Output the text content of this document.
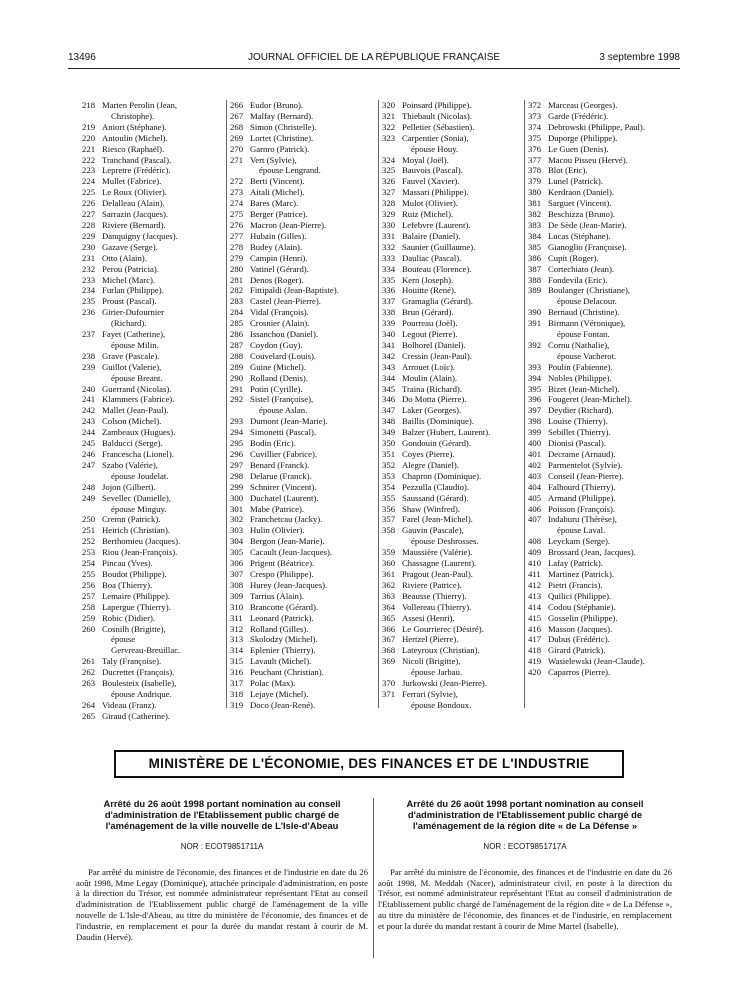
13496	JOURNAL OFFICIEL DE LA RÉPUBLIQUE FRANÇAISE	3 septembre 1998
218 Marten Perolin (Jean,
Christophe).
219 Aniort (Stéphane).
220 Antoulin (Michel).
221 Riesco (Raphaël).
222 Tranchand (Pascal).
223 Lepretre (Frédéric).
224 Mullet (Fabrice).
225 Le Roux (Olivier).
226 Delalleau (Alain).
227 Sarrazin (Jacques).
228 Riviere (Bernard).
229 Danquigny (Jacques).
230 Gazave (Serge).
231 Otto (Alain).
232 Perou (Patricia).
233 Michel (Marc).
234 Furlan (Philippe).
235 Proust (Pascal).
236 Girier-Dufournier
(Richard).
237 Fayet (Catherine),
épouse Milin.
238 Grave (Pascale).
239 Guillot (Valerie),
épouse Breant.
240 Guerrand (Nicolas).
241 Klammers (Fabrice).
242 Mallet (Jean-Paul).
243 Colson (Michel).
244 Zambeaux (Hugues).
245 Balducci (Serge).
246 Francescha (Lionel).
247 Szabo (Valérie),
épouse Joudelat.
248 Jojon (Gilbert).
249 Sevellec (Danielle),
épouse Minguy.
250 Cremn (Patrick).
251 Heirich (Christian).
252 Berthomieu (Jacques).
253 Riou (Jean-François).
254 Pincau (Yves).
255 Boudot (Philippe).
256 Boa (Thierry).
257 Lemaire (Philippe).
258 Lapergue (Thierry).
259 Robic (Didier).
260 Cosnilh (Brigitte),
épouse
Gervreau-Breuillac.
261 Taly (Françoise).
262 Ducrettet (François).
263 Boulesteix (Isabelle),
épouse Andrique.
264 Videau (Franz).
265 Giraud (Catherine).
266 Eudor (Bruno).
267 Malfay (Bernard).
268 Simon (Christelle).
269 Lortet (Christine).
270 Garnro (Patrick).
271 Vert (Sylvie),
épouse Lengrand.
272 Berti (Vincent).
273 Aitali (Michel).
274 Bares (Marc).
275 Berger (Patrice).
276 Macron (Jean-Pierre).
277 Hubain (Gilles).
278 Budey (Alain).
279 Campin (Henri).
280 Vatinel (Gérard).
281 Denos (Roger).
282 Fittipaldi (Jean-Baptiste).
283 Castel (Jean-Pierre).
284 Vidal (François).
285 Crosnier (Alain).
286 Issanchou (Daniel).
287 Coydon (Guy).
288 Couvelard (Louis).
289 Guine (Michel).
290 Rolland (Denis).
291 Potin (Cyrille).
292 Sistel (Françoise),
épouse Aslan.
293 Dumont (Jean-Marie).
294 Simonetti (Pascal).
295 Bodin (Eric).
296 Cuvillier (Fabrice).
297 Benard (Franck).
298 Delarue (Franck).
299 Schnirer (Vincent).
300 Duchatel (Laurent).
301 Mabe (Patrice).
302 Franchetcau (Jacky).
303 Hulin (Olivier).
304 Bergon (Jean-Marie).
305 Cacault (Jean-Jacques).
306 Prigent (Béatrice).
307 Crespo (Philippe).
308 Hurey (Jean-Jacques).
309 Tarrius (Alain).
310 Brancotte (Gérard).
311 Leonard (Patrick).
312 Rolland (Gilles).
313 Skolodzy (Michel).
314 Eplenier (Thierry).
315 Lavault (Michel).
316 Peuchant (Christian).
317 Polac (Max).
318 Lejaye (Michel).
319 Doco (Jean-René).
320 Poinsard (Philippe).
321 Thiebault (Nicolas).
322 Pelletier (Sébastien).
323 Carpentier (Sonia),
épouse Houy.
324 Moyal (Joël).
325 Bauvois (Pascal).
326 Fauvel (Xavier).
327 Massari (Philippe).
328 Mulot (Olivier).
329 Ruiz (Michel).
330 Lefebvre (Laurent).
331 Balaire (Daniel).
332 Saunier (Guillaume).
333 Dauliac (Pascal).
334 Bouteau (Florence).
335 Kern (Joseph).
336 Houitte (René).
337 Gramaglia (Gérard).
338 Brun (Gérard).
339 Pourreau (Joël).
340 Legout (Pierre).
341 Bolhorel (Daniel).
342 Cressin (Jean-Paul).
343 Arrouet (Loïc).
344 Moulin (Alain).
345 Traina (Richard).
346 Do Motta (Pierre).
347 Laker (Georges).
348 Baillis (Dominique).
349 Balzer (Hubert, Laurent).
350 Gondouin (Gérard).
351 Coyes (Pierre).
352 Alegre (Daniel).
353 Chapron (Dominique).
354 Pezzulla (Claudio).
355 Saussand (Gérard).
356 Shaw (Winfred).
357 Farel (Jean-Michel).
358 Gauvin (Pascale),
épouse Deshrosses.
359 Maussière (Valérie).
360 Chassagne (Laurent).
361 Pragout (Jean-Paul).
362 Riviere (Patrice).
363 Beausse (Thierry).
364 Vollereau (Thierry).
365 Assesi (Henri).
366 Le Gourrierec (Désiré).
367 Hertzel (Pierre).
368 Lateyroux (Christian).
369 Nicoli (Brigitte),
épouse Jarbau.
370 Jurkowski (Jean-Pierre).
371 Ferrari (Sylvie),
épouse Bondoux.
372 Marceau (Georges).
373 Garde (Frédéric).
374 Debrowski (Philippe, Paul).
375 Duporge (Philippe).
376 Le Guen (Denis).
377 Macou Pisseu (Hervé).
378 Blot (Eric).
379 Lunel (Patrick).
380 Kerdraon (Daniel).
381 Sarguet (Vincent).
382 Beschizza (Bruno).
383 De Sède (Jean-Marie).
384 Lucas (Stéphane).
385 Gianoglio (Françoise).
386 Cupit (Roger).
387 Cortechiato (Jean).
388 Fondevila (Eric).
389 Boulanger (Christiane),
épouse Delacour.
390 Bernaud (Christine).
391 Birmann (Véronique),
épouse Fontan.
392 Cornu (Nathalie),
épouse Vacherot.
393 Poulin (Fabienne).
394 Nobles (Philippe).
395 Bizet (Jean-Michel).
396 Fougeret (Jean-Michel).
397 Deydier (Richard).
398 Louise (Thierry).
399 Sebillet (Thierry).
400 Dionisi (Pascal).
401 Decrame (Arnaud).
402 Parmentelot (Sylvie).
403 Conseil (Jean-Pierre).
404 Falhourd (Thierry).
405 Armand (Philippe).
406 Poisson (François).
407 Indaburu (Thérèse),
épouse Laval.
408 Leyckam (Serge).
409 Brossard (Jean, Jacques).
410 Lafay (Patrick).
411 Martinez (Patrick).
412 Pietri (Francis).
413 Quilici (Philippe).
414 Codou (Stéphanie).
415 Gosselin (Philippe).
416 Masson (Jacques).
417 Dubus (Frédéric).
418 Girard (Patrick).
419 Wasielewski (Jean-Claude).
420 Caparros (Pierre).
MINISTÈRE DE L'ÉCONOMIE, DES FINANCES ET DE L'INDUSTRIE
Arrêté du 26 août 1998 portant nomination au conseil d'administration de l'Etablissement public chargé de l'aménagement de la ville nouvelle de L'Isle-d'Abeau
NOR : ECOT9851711A
Par arrêté du ministre de l'économie, des finances et de l'industrie en date du 26 août 1998, Mme Legay (Dominique), attachée principale d'administration, en poste à la direction du Trésor, est nommée administrateur représentant l'Etat au conseil d'administration de l'Etablissement public chargé de l'aménagement de la ville nouvelle de L'Isle-d'Abeau, au titre du ministère de l'économie, des finances et de l'industrie, en remplacement et pour la durée du mandat restant à courir de M. Daudin (Hervé).
Arrêté du 26 août 1998 portant nomination au conseil d'administration de l'Etablissement public chargé de l'aménagement de la région dite « de La Défense »
NOR : ECOT9851717A
Par arrêté du ministre de l'économie, des finances et de l'industrie en date du 26 août 1998, M. Meddah (Nacer), administrateur civil, en poste à la direction du Trésor, est nommé administrateur représentant l'Etat au conseil d'administration de l'Etablissement public chargé de l'aménagement de la région dite « de La Défense », au titre du ministère de l'économie, des finances et de l'industrie, en remplacement et pour la durée du mandat restant à courir de Mme Martel (Isabelle).
